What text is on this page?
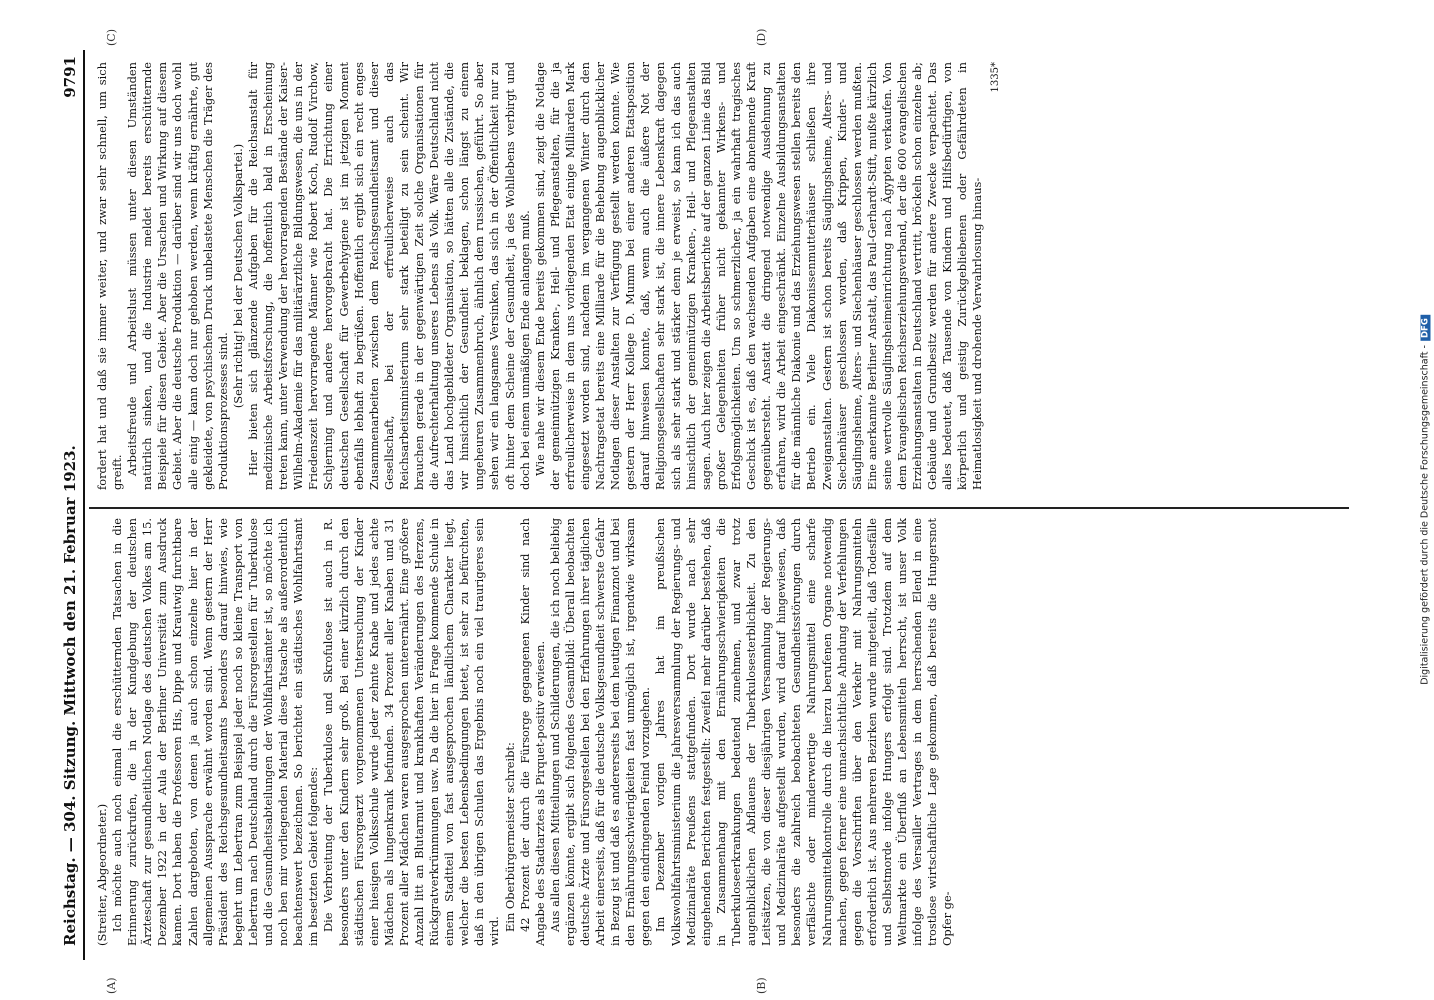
Reichstag. — 304. Sitzung. Mittwoch den 21. Februar 1923.
9791

(Streiter, Abgeordneter.) Ich möchte auch noch einmal die erschütternden Tatsachen in die Erinnerung zurückrufen, die in der Kundgebung der deutschen Ärzteschaft zur gesundheitlichen Notlage des deutschen Volkes am 15. Dezember 1922 in der Aula der Berliner Universität zum Ausdruck kamen. Dort haben die Professoren His, Dippe und Krautwig furchtbare Zahlen dargeboten, von denen ja auch schon einzelne hier in der allgemeinen Aussprache erwähnt worden sind. Wenn gestern der Herr Präsident des Reichsgesundheitsamts besonders darauf hinwies, wie begehrt um Lebertran zum Beispiel jeder noch so kleine Transport von Lebertran nach Deutschland durch die Fürsorgestellen für Tuberkulose und die Gesundheitsabteilungen der Wohlfahrtsämter ist, so möchte ich noch ben mir vorliegenden Material diese Tatsache als außerordentlich beachtenswert bezeichnen. So berichtet ein städtisches Wohlfahrtsamt im besetzten Gebiet folgendes: Die Verbreitung der Tuberkulose und Skrofulose ist auch in R. besonders unter den Kindern sehr groß. Bei einer kürzlich durch den städtischen Fürsorgearzt vorgenommenen Untersuchung der Kinder einer hiesigen Volksschule wurde jeder zehnte Knabe und jedes achte Mädchen als lungenkrank befunden. 34 Prozent aller Knaben und 31 Prozent aller Mädchen waren ausgesprochen unterernährt. Eine größere Anzahl litt an Blutarmut und krankhaften Veränderungen des Herzens, Rückgratverkrümmungen usw. Da die hier in Frage kommende Schule in einem Stadtteil von fast ausgesprochen ländlichem Charakter liegt, welcher die besten Lebensbedingungen bietet, ist sehr zu befürchten, daß in den übrigen Schulen das Ergebnis noch ein viel traurigeres sein wird. Ein Oberbürgermeister schreibt: 42 Prozent der durch die Fürsorge gegangenen Kinder sind nach Angabe des Stadtarztes als Pirquet-positiv erwiesen. Aus allen diesen Mitteilungen und Schilderungen, die ich noch beliebig ergänzen könnte, ergibt sich folgendes Gesamtbild: Überall beobachten deutsche Ärzte und Fürsorgestellen bei den Erfahrungen ihrer täglichen Arbeit einerseits, daß für die deutsche Volksgesundheit schwerste Gefahr in Bezug ist und daß es andererseits bei dem heutigen Finanznot und bei den Ernährungsschwierigkeiten fast unmöglich ist, irgendwie wirksam gegen den eindringenden Feind vorzugehen. Im Dezember vorigen Jahres hat im preußischen Volkswohlfahrtsministerium die Jahresversammlung der Regierungs- und Medizinalräte Preußens stattgefunden. Dort wurde nach sehr eingehenden Berichten festgestellt: Zweifel mehr darüber bestehen, daß in Zusammenhang mit den Ernährungsschwierigkeiten die Tuberkuloseerkrankungen bedeutend zunehmen, und zwar trotz augenblicklichen Abflauens der Tuberkulosesterblichkeit. Zu den Leitsätzen, die von dieser diesjährigen Versammlung der Regierungs- und Medizinalräte aufgestellt wurden, wird darauf hingewiesen, daß besonders die zahlreich beobachteten Gesundheitsstörungen durch verfälschte oder minderwertige Nahrungsmittel eine scharfe Nahrungsmittelkontrolle durch die hierzu berufenen Organe notwendig machen, gegen ferner eine unnachsichtliche Ahndung der Verfehlungen gegen die Vorschriften über den Verkehr mit Nahrungsmitteln erforderlich ist. Aus mehreren Bezirken wurde mitgeteilt, daß Todesfälle und Selbstmorde infolge Hungers erfolgt sind. Trotzdem auf dem Weltmarkte ein Überfluß an Lebensmitteln herrscht, ist unser Volk infolge des Versailler Vertrages in dem herrschenden Elend in eine trostlose wirtschaftliche Lage gekommen, daß bereits die Hungersnot Opfer ge-

fordert hat und daß sie immer weiter, und zwar sehr schnell, um sich greift. Arbeitsfreude und Arbeitslust müssen unter diesen Umständen natürlich sinken, und die Industrie meldet bereits erschütternde Beispiele für diesen Gebiet. Aber die Ursachen und Wirkung auf diesem Gebiet. Aber die deutsche Produktion — darüber sind wir uns doch wohl alle einig — kann doch nur gehoben werden, wenn kräftig ernährte, gut gekleidete, von psychischem Druck unbelastete Menschen die Träger des Produktionsprozesses sind.

(Sehr richtig! bei der Deutschen Volkspartei.) Hier bieten sich glänzende Aufgaben für die Reichsanstalt für medizinische Arbeitsforschung, die hoffentlich bald in Erscheinung treten kann, unter Verwendung der hervorragenden Bestände der Kaiser-Wilhelm-Akademie für das militärärztliche Bildungswesen, die uns in der Friedenszeit hervorragende Männer wie Robert Koch, Rudolf Virchow, Schjerning und andere hervorgebracht hat. Die Errichtung einer deutschen Gesellschaft für Gewerbehygiene ist im jetzigen Moment ebenfalls lebhaft zu begrüßen. Hoffentlich ergibt sich ein recht enges Zusammenarbeiten zwischen dem Reichsgesundheitsamt und dieser Gesellschaft, bei der erfreulicherweise auch das Reichsarbeitsministerium sehr stark beteiligt zu sein scheint. Wir brauchen gerade in der gegenwärtigen Zeit solche Organisationen für die Aufrechterhaltung unseres Lebens als Volk. Wäre Deutschland nicht das Land hochgebildeter Organisation, so hätten alle die Zustände, die wir hinsichtlich der Gesundheit beklagen, schon längst zu einem ungeheuren Zusammenbruch, ähnlich dem russischen, geführt. So aber sehen wir ein langsames Versinken, das sich in der Öffentlichkeit nur zu oft hinter dem Scheine der Gesundheit, ja des Wohllebens verbirgt und doch bei einem unmäßigen Ende anlangen muß. Wie nahe wir diesem Ende bereits gekommen sind, zeigt die Notlage der gemeinnützigen Kranken-, Heil- und Pflegeanstalten, für die ja erfreulicherweise in dem uns vorliegenden Etat einige Milliarden Mark eingesetzt worden sind, nachdem im vergangenen Winter durch den Nachtragsetat bereits eine Milliarde für die Behebung augenblicklicher Notlagen dieser Anstalten zur Verfügung gestellt werden konnte. Wie gestern der Herr Kollege D. Mumm bei einer anderen Etatsposition darauf hinweisen konnte, daß, wenn auch die äußere Not der Religionsgesellschaften sehr stark ist, die innere Lebenskraft dagegen sich als sehr stark und stärker denn je erweist, so kann ich das auch hinsichtlich der gemeinnützigen Kranken-, Heil- und Pflegeanstalten sagen. Auch hier zeigen die Arbeitsberichte auf der ganzen Linie das Bild großer Gelegenheiten früher nicht gekannter Wirkens- und Erfolgsmöglichkeiten. Um so schmerzlicher, ja ein wahrhaft tragisches Geschick ist es, daß den wachsenden Aufgaben eine abnehmende Kraft gegenübersteht. Anstatt die dringend notwendige Ausdehnung zu erfahren, wird die Arbeit eingeschränkt. Einzelne Ausbildungsanstalten für die männliche Diakonie und das Erziehungswesen stellen bereits den Betrieb ein. Viele Diakonissenmutterhäuser schließen ihre Zweiganstalten. Gestern ist schon bereits Säuglingsheime, Alters- und Siechenhäuser geschlossen worden, daß Krippen, Kinder- und Säuglingsheime, Alters- und Siechenhäuser geschlossen werden mußten. Eine anerkannte Berliner Anstalt, das Paul-Gerhardt-Stift, mußte kürzlich seine wertvolle Säuglingsheimeinrichtung nach Ägypten verkaufen. Von dem Evangelischen Reichserziehungsverband, der die 600 evangelischen Erziehungsanstalten in Deutschland vertritt, bröckeln schon einzelne ab; Gebäude und Grundbesitz werden für andere Zwecke verpachtet. Das alles bedeutet, daß Tausende von Kindern und Hilfsbedürftigen, von körperlich und geistig Zurückgebliebenen oder Gefährdeten in Heimatlosigkeit und drohende Verwahrlosung hinaus-

1335*
(A)	(B)
(C)	(D)
Digitalisierung gefördert durch die Deutsche Forschungsgemeinschaft -DFG
